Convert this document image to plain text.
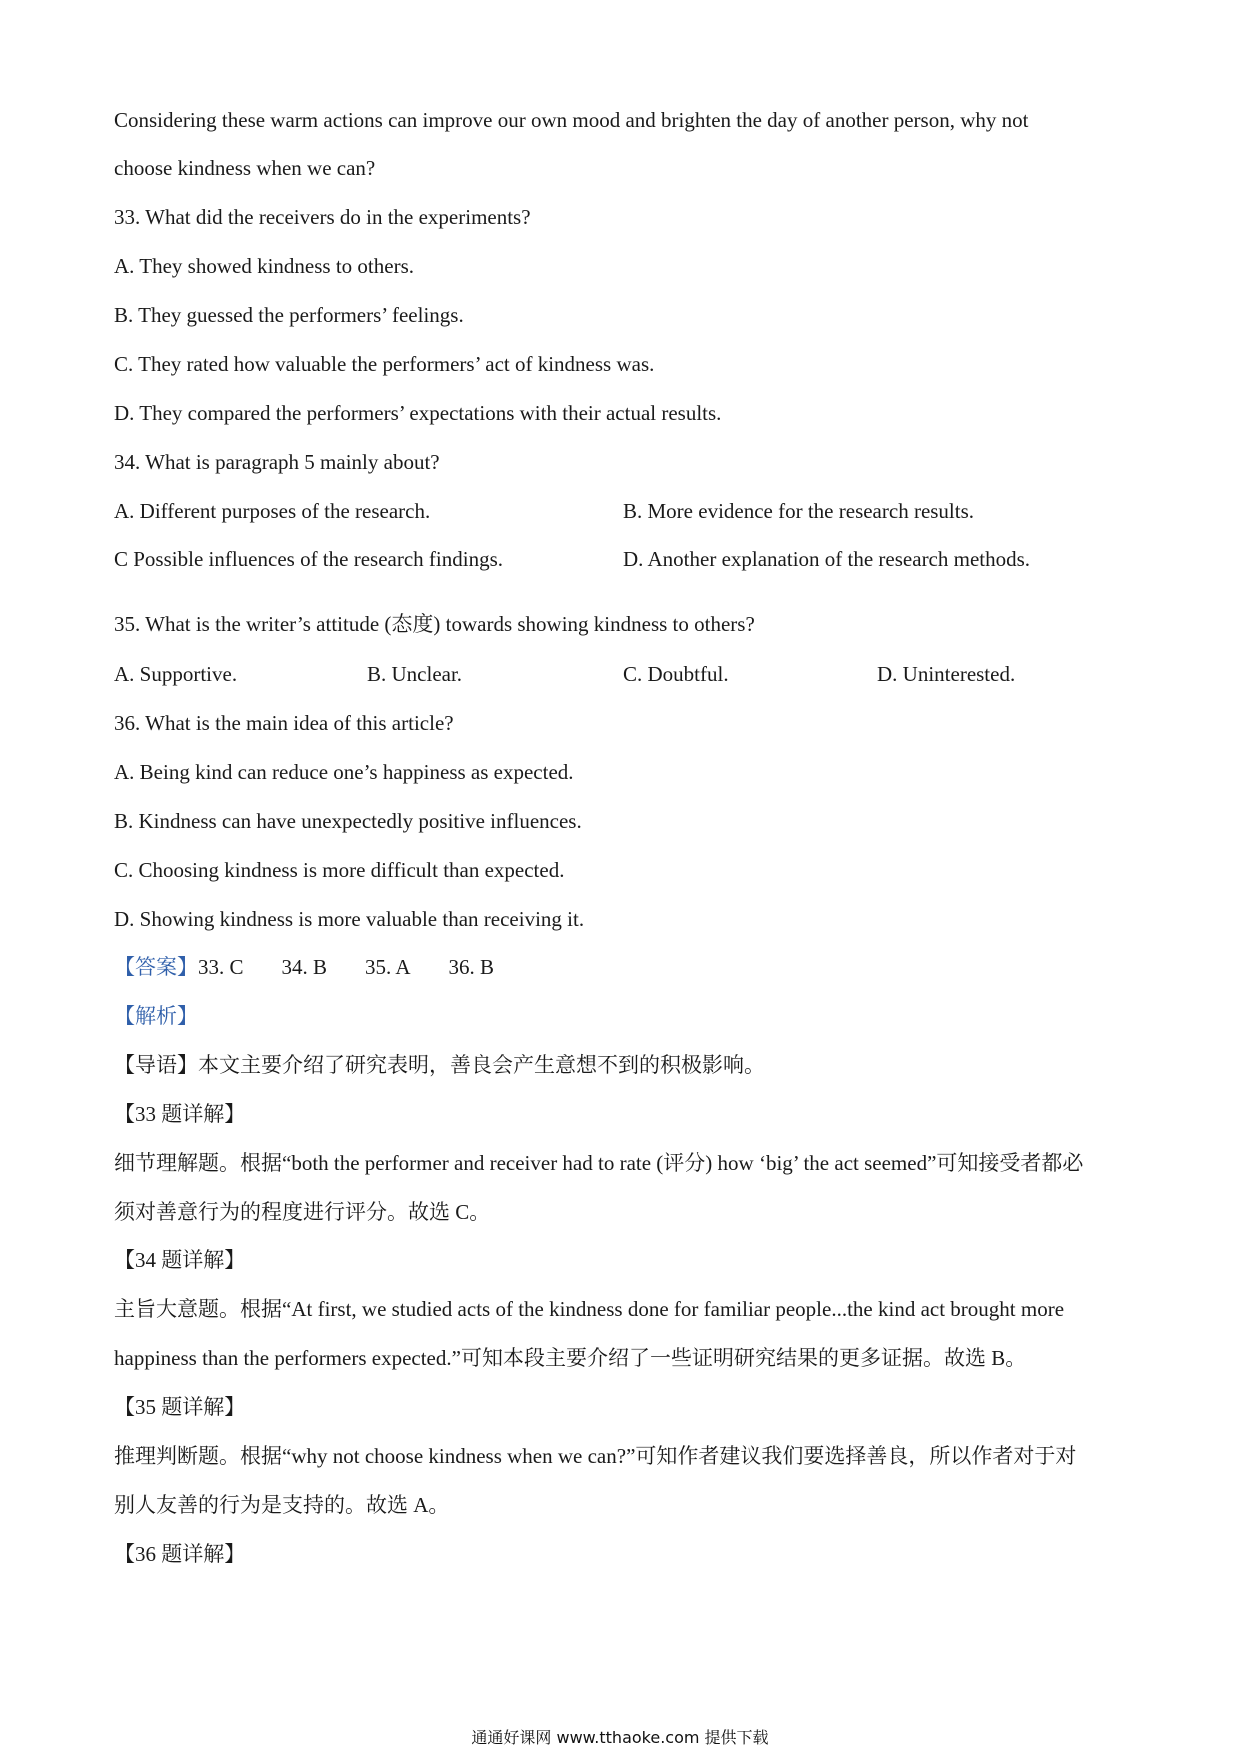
Considering these warm actions can improve our own mood and brighten the day of another person, why not
choose kindness when we can?
33. What did the receivers do in the experiments?
A. They showed kindness to others.
B. They guessed the performers’ feelings.
C. They rated how valuable the performers’ act of kindness was.
D. They compared the performers’ expectations with their actual results.
34. What is paragraph 5 mainly about?
A. Different purposes of the research.	B. More evidence for the research results.
C Possible influences of the research findings.	D. Another explanation of the research methods.
35. What is the writer’s attitude (态度) towards showing kindness to others?
A. Supportive.	B. Unclear.	C. Doubtful.	D. Uninterested.
36. What is the main idea of this article?
A. Being kind can reduce one’s happiness as expected.
B. Kindness can have unexpectedly positive influences.
C. Choosing kindness is more difficult than expected.
D. Showing kindness is more valuable than receiving it.
【答案】33. C 34. B 35. A 36. B
【解析】
【导语】本文主要介绍了研究表明，善良会产生意想不到的积极影响。
【33 题详解】
细节理解题。根据“both the performer and receiver had to rate (评分) how ‘big’ the act seemed”可知接受者都必
须对善意行为的程度进行评分。故选 C。
【34 题详解】
主旨大意题。根据“At first, we studied acts of the kindness done for familiar people...the kind act brought more
happiness than the performers expected.”可知本段主要介绍了一些证明研究结果的更多证据。故选 B。
【35 题详解】
推理判断题。根据“why not choose kindness when we can?”可知作者建议我们要选择善良，所以作者对于对
别人友善的行为是支持的。故选 A。
【36 题详解】
通通好课网 www.tthaoke.com 提供下载
